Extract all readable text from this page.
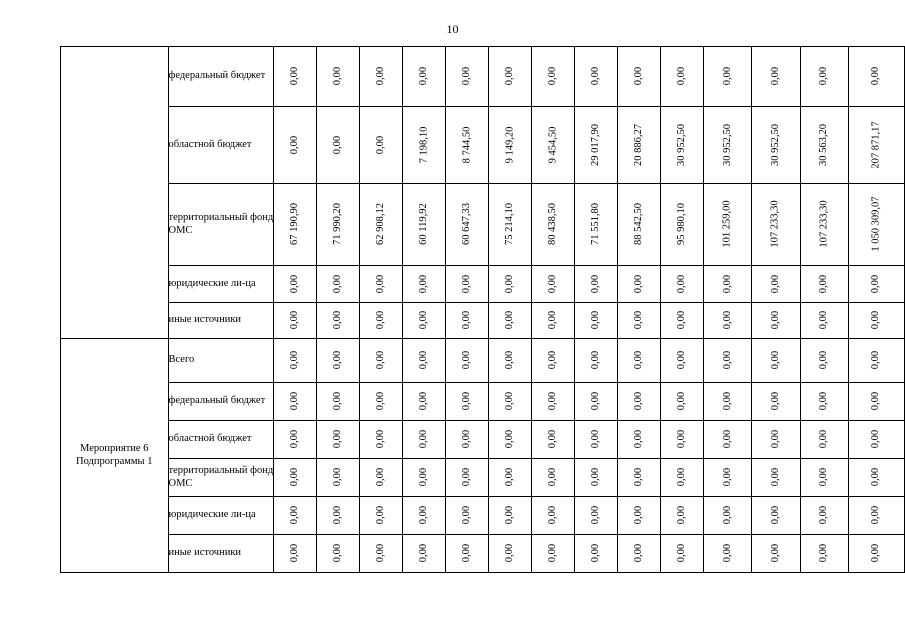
10
	федеральный бюджет	0,00	0,00	0,00	0,00	0,00	0,00	0,00	0,00	0,00	0,00	0,00	0,00	0,00	0,00
	областной бюджет	0,00	0,00	0,00	7 198,10	8 744,50	9 149,20	9 454,50	29 017,90	20 886,27	30 952,50	30 952,50	30 952,50	30 563,20	207 871,17
	территориальный фонд ОМС	67 190,90	71 990,20	62 908,12	60 119,92	60 647,33	75 214,10	80 438,50	71 551,80	88 542,50	95 980,10	101 259,00	107 233,30	107 233,30	1 050 309,07
	юридические ли-ца	0,00	0,00	0,00	0,00	0,00	0,00	0,00	0,00	0,00	0,00	0,00	0,00	0,00	0,00
	иные источники	0,00	0,00	0,00	0,00	0,00	0,00	0,00	0,00	0,00	0,00	0,00	0,00	0,00	0,00
Мероприятие 6 Подпрограммы 1	Всего	0,00	0,00	0,00	0,00	0,00	0,00	0,00	0,00	0,00	0,00	0,00	0,00	0,00	0,00
	федеральный бюджет	0,00	0,00	0,00	0,00	0,00	0,00	0,00	0,00	0,00	0,00	0,00	0,00	0,00	0,00
	областной бюджет	0,00	0,00	0,00	0,00	0,00	0,00	0,00	0,00	0,00	0,00	0,00	0,00	0,00	0,00
	территориальный фонд ОМС	0,00	0,00	0,00	0,00	0,00	0,00	0,00	0,00	0,00	0,00	0,00	0,00	0,00	0,00
	юридические ли-ца	0,00	0,00	0,00	0,00	0,00	0,00	0,00	0,00	0,00	0,00	0,00	0,00	0,00	0,00
	иные источники	0,00	0,00	0,00	0,00	0,00	0,00	0,00	0,00	0,00	0,00	0,00	0,00	0,00	0,00
